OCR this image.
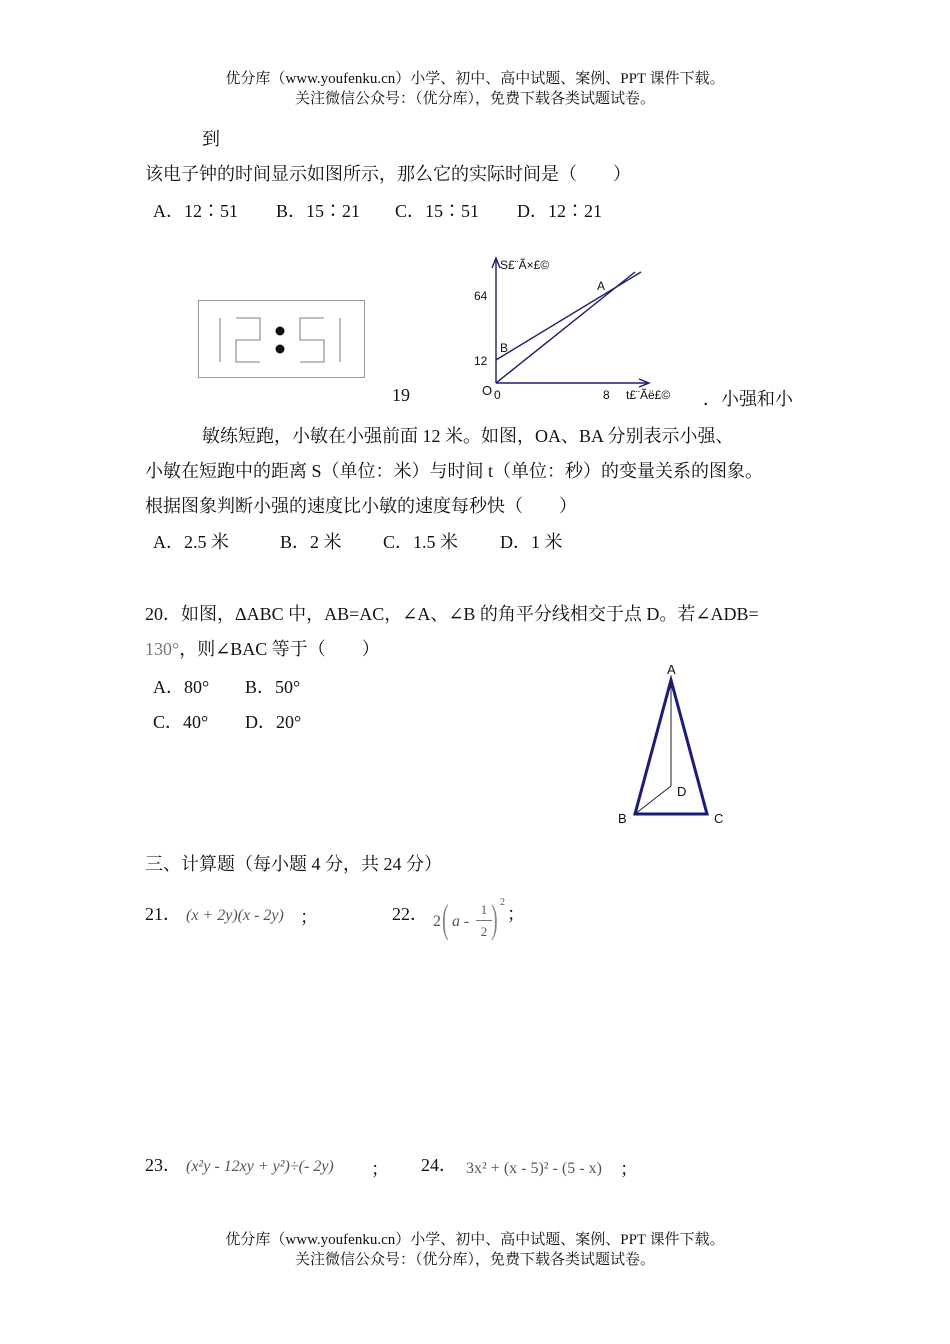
优分库（www.youfenku.cn）小学、初中、高中试题、案例、PPT 课件下载。
关注微信公众号：（优分库），免费下载各类试题试卷。
到
该电子钟的时间显示如图所示，那么它的实际时间是（　　）
A．12∶51 B．15∶21 C．15∶51 D．12∶21
S£¨Ã×£©
64
12
A
B
O 0	8 t£¨Ãë£©
19	．小强和小
敏练短跑，小敏在小强前面 12 米。如图，OA、BA 分别表示小强、
小敏在短跑中的距离 S（单位：米）与时间 t（单位：秒）的变量关系的图象。
根据图象判断小强的速度比小敏的速度每秒快（　　）
A．2.5 米	B．2 米 C．1.5 米 D．1 米
20．如图，ΔABC 中，AB=AC，∠A、∠B 的角平分线相交于点 D。若∠ADB=
130°，则∠BAC 等于（　　）
A．80° B．50°
C．40° D．20°
A
B	C
D
三、计算题（每小题 4 分，共 24 分）
21． (x + 2y)(x - 2y) ；	22． 2 ( a -
1
2 ) 2
；
23． (x²y - 12xy + y²)÷(- 2y) ； 24． 3x² + (x - 5)² - (5 - x) ；
优分库（www.youfenku.cn）小学、初中、高中试题、案例、PPT 课件下载。
关注微信公众号：（优分库），免费下载各类试题试卷。
